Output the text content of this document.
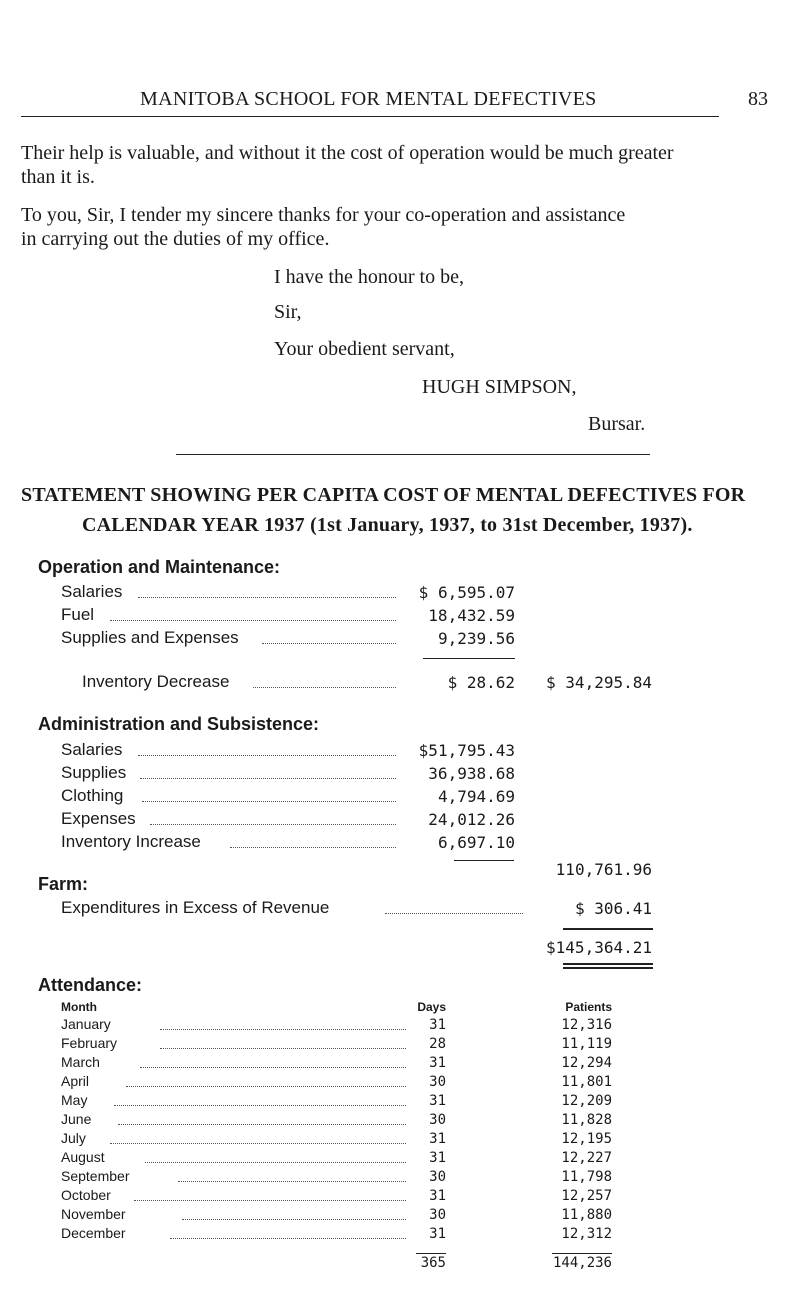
MANITOBA SCHOOL FOR MENTAL DEFECTIVES	83
Their help is valuable, and without it the cost of operation would be much greater
than it is.
To you, Sir, I tender my sincere thanks for your co-operation and assistance
in carrying out the duties of my office.
I have the honour to be,
Sir,
Your obedient servant,
HUGH SIMPSON,
Bursar.
STATEMENT SHOWING PER CAPITA COST OF MENTAL DEFECTIVES FOR
CALENDAR YEAR 1937 (1st January, 1937, to 31st December, 1937).
Operation and Maintenance:
Salaries	$ 6,595.07
Fuel	18,432.59
Supplies and Expenses	9,239.56
Inventory Decrease	$ 28.62	$ 34,295.84
Administration and Subsistence:
Salaries	$51,795.43
Supplies	36,938.68
Clothing	4,794.69
Expenses	24,012.26
Inventory Increase	6,697.10
110,761.96
Farm:
Expenditures in Excess of Revenue	$ 306.41
$145,364.21
Attendance:
Month	Days	Patients
January	31	12,316
February	28	11,119
March	31	12,294
April	30	11,801
May	31	12,209
June	30	11,828
July	31	12,195
August	31	12,227
September	30	11,798
October	31	12,257
November	30	11,880
December	31	12,312
365	144,236
